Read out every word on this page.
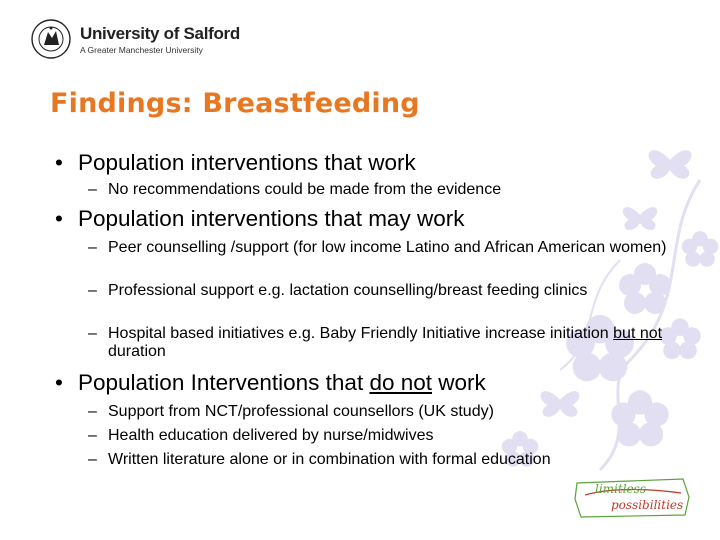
University of Salford
A Greater Manchester University
Findings: Breastfeeding
• Population interventions that work
– No recommendations could be made from the evidence
• Population interventions that may work
– Peer counselling /support (for low income Latino and African American women)
– Professional support e.g. lactation counselling/breast feeding clinics
– Hospital based initiatives e.g. Baby Friendly Initiative increase initiation but not duration
• Population Interventions that do not work
– Support from NCT/professional counsellors (UK study)
– Health education delivered by nurse/midwives
– Written literature alone or in combination with formal education
limitless
possibilities
